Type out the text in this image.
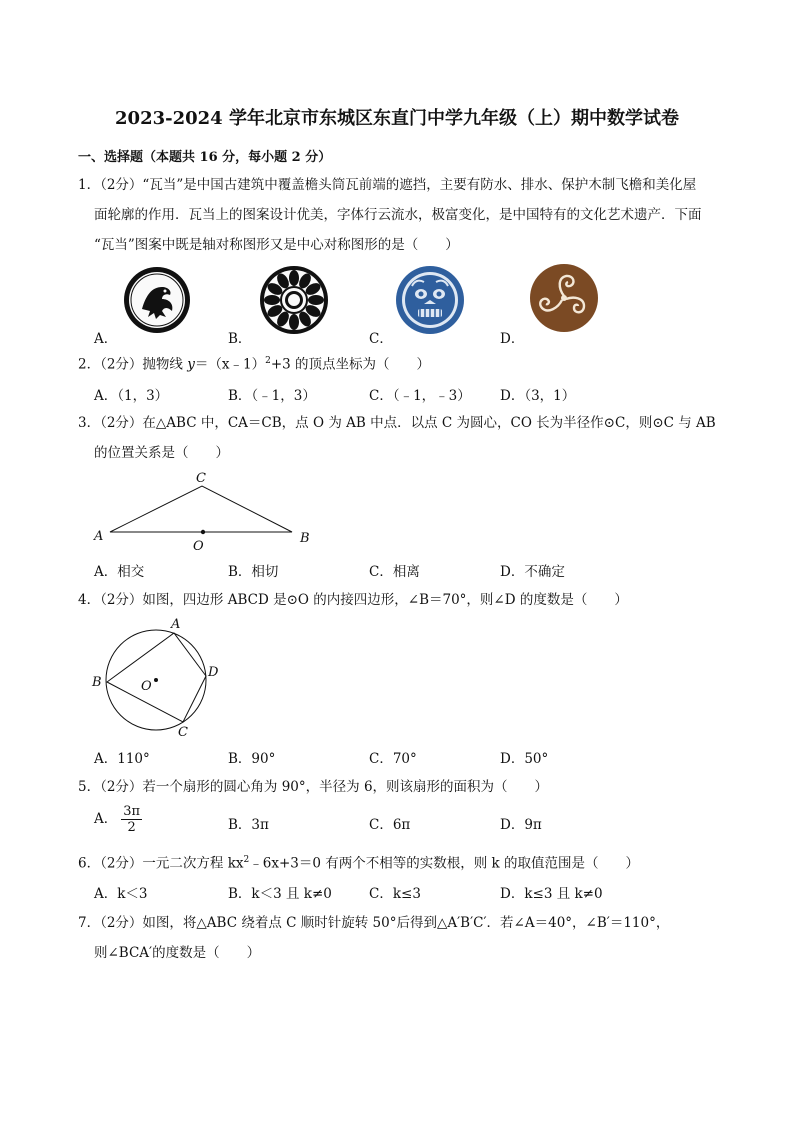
2023-2024 学年北京市东城区东直门中学九年级（上）期中数学试卷
一、选择题（本题共 16 分，每小题 2 分）
1．（2分）“瓦当”是中国古建筑中覆盖檐头筒瓦前端的遮挡，主要有防水、排水、保护木制飞檐和美化屋
面轮廓的作用．瓦当上的图案设计优美，字体行云流水，极富变化，是中国特有的文化艺术遗产．下面
“瓦当”图案中既是轴对称图形又是中心对称图形的是（　　）
A．	B．	C．	D．
2．（2分）抛物线 y＝（x﹣1）$^2$+3 的顶点坐标为（　　）
A．（1，3）	B．（﹣1，3）	C．（﹣1，﹣3） D．（3，1）
3．（2分）在△ABC 中，CA＝CB，点 O 为 AB 中点．以点 C 为圆心，CO 长为半径作⊙C，则⊙C 与 AB
的位置关系是（　　）
A
C
B
O
A．相交	B．相切	C．相离	D．不确定
4．（2分）如图，四边形 ABCD 是⊙O 的内接四边形，∠B＝70°，则∠D 的度数是（　　）
A
B
C
D
O
A．110°	B．90°	C．70°	D．50°
5．（2分）若一个扇形的圆心角为 90°，半径为 6，则该扇形的面积为（　　）
A． $\frac{3\pi}{2}$	B．3π	C．6π	D．9π
6．（2分）一元二次方程 $kx^2﹣6x+3=0$ 有两个不相等的实数根，则 k 的取值范围是（　　）
A．k＜3	B．k＜3 且 k≠0	C．k≤3	D．k≤3 且 k≠0
7．（2分）如图，将△ABC 绕着点 C 顺时针旋转 50°后得到△A′B′C′．若∠A＝40°，∠B′＝110°，
则∠BCA′的度数是（　　）
